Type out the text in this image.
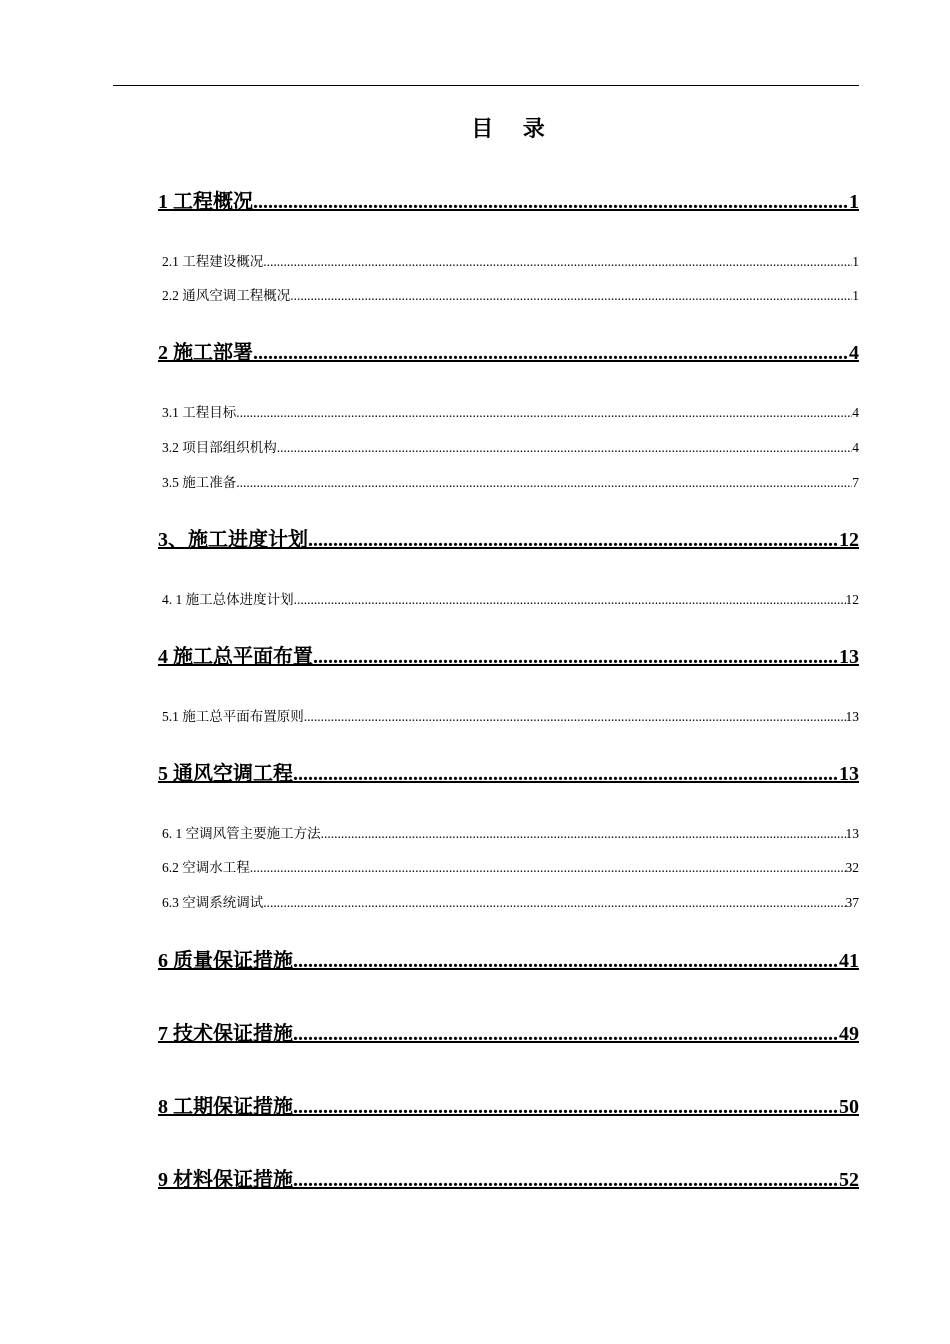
目 录
1 工程概况 .....	1
2.1 工程建设概况 .....	1
2.2 通风空调工程概况 .....	1
2 施工部署 .....	4
3.1 工程目标 .....	4
3.2 项目部组织机构 .....	4
3.5 施工准备 .....	7
3、施工进度计划 .....	12
4. 1 施工总体进度计划 .....	12
4 施工总平面布置 .....	13
5.1 施工总平面布置原则 .....	13
5 通风空调工程 .....	13
6. 1 空调风管主要施工方法 .....	13
6.2 空调水工程 .....	32
6.3 空调系统调试 .....	37
6 质量保证措施 .....	41
7 技术保证措施 .....	49
8 工期保证措施 .....	50
9 材料保证措施 .....	52
